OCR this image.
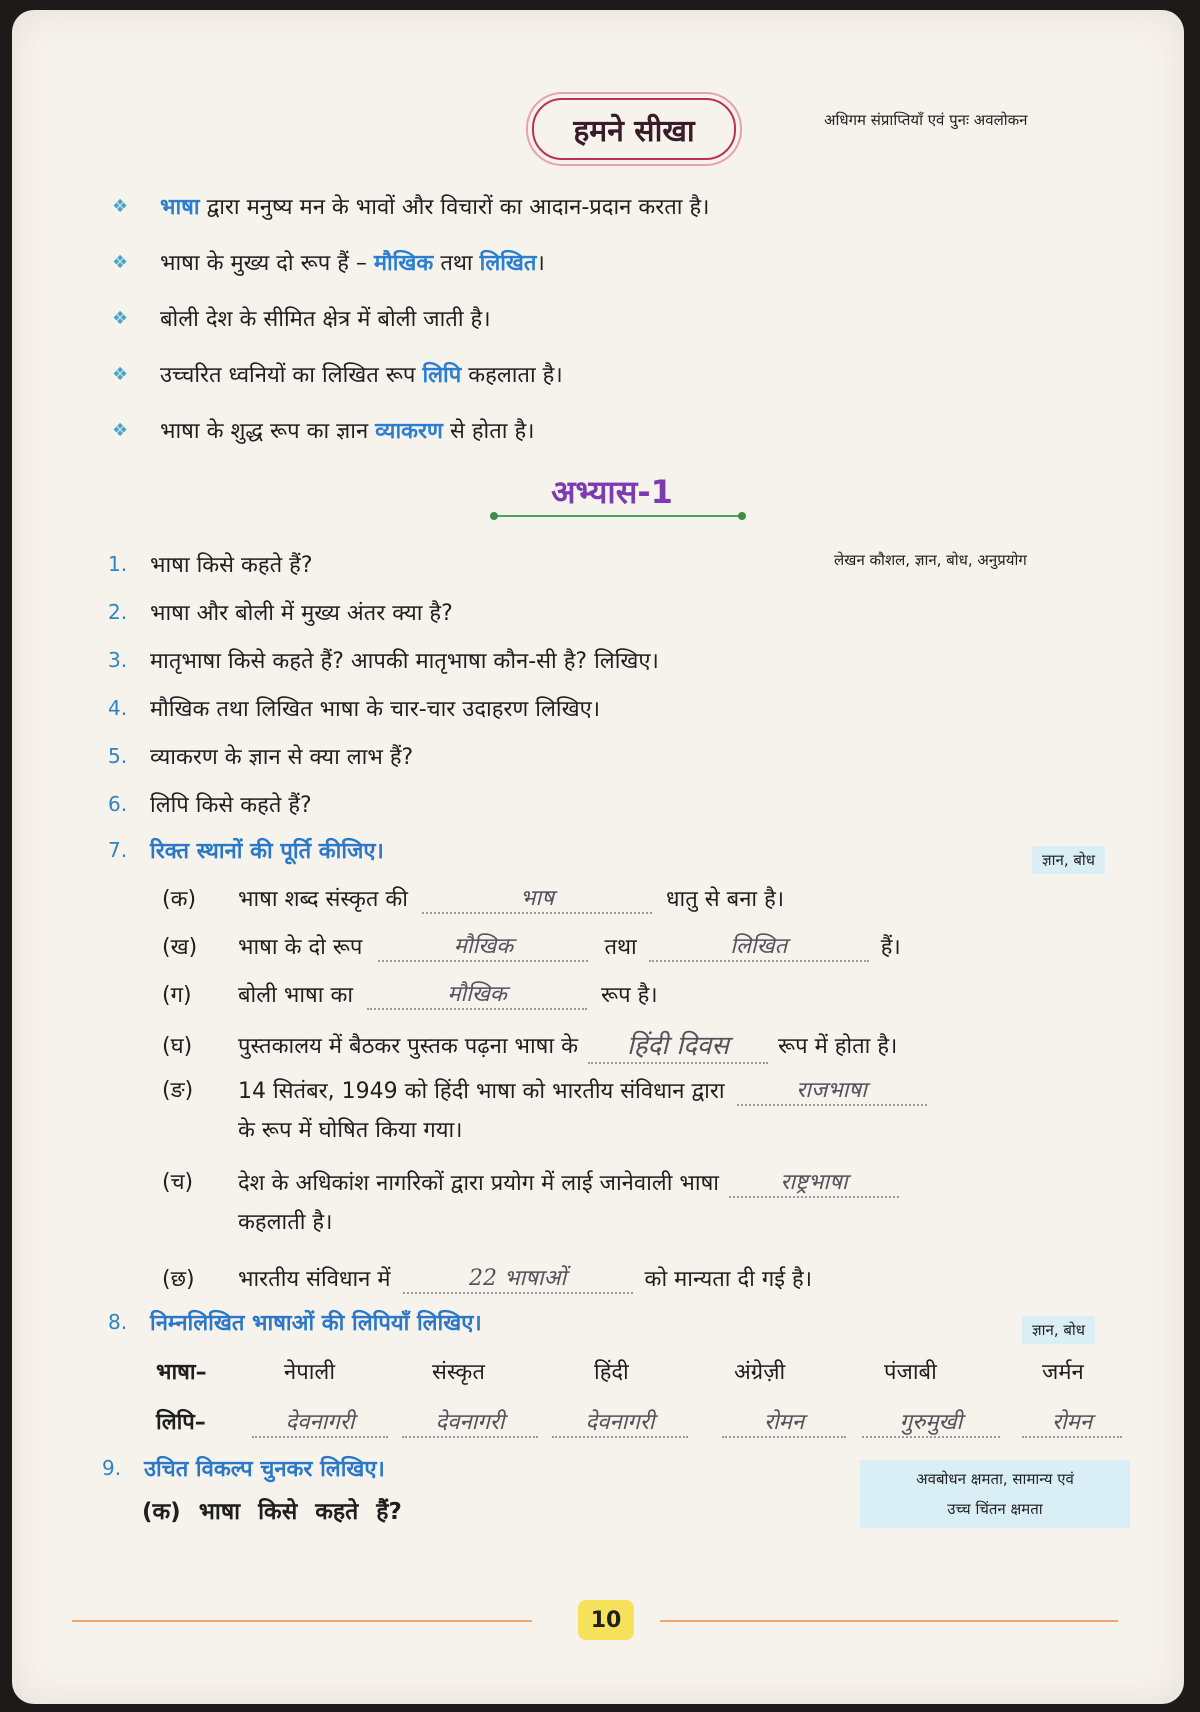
हमने सीखा	अधिगम संप्राप्तियाँ एवं पुनः अवलोकन
❖	भाषा द्वारा मनुष्य मन के भावों और विचारों का आदान-प्रदान करता है।
❖	भाषा के मुख्य दो रूप हैं – मौखिक तथा लिखित।
❖	बोली देश के सीमित क्षेत्र में बोली जाती है।
❖	उच्चरित ध्वनियों का लिखित रूप लिपि कहलाता है।
❖	भाषा के शुद्ध रूप का ज्ञान व्याकरण से होता है।
अभ्यास-1
1.	भाषा किसे कहते हैं?
2.	भाषा और बोली में मुख्य अंतर क्या है?
3.	मातृभाषा किसे कहते हैं? आपकी मातृभाषा कौन-सी है? लिखिए।
4.	मौखिक तथा लिखित भाषा के चार-चार उदाहरण लिखिए।
5.	व्याकरण के ज्ञान से क्या लाभ हैं?
6.	लिपि किसे कहते हैं?
लेखन कौशल, ज्ञान, बोध, अनुप्रयोग
7.	रिक्त स्थानों की पूर्ति कीजिए।	ज्ञान, बोध
(क)	भाषा शब्द संस्कृत की	भाष	धातु से बना है।
(ख)	भाषा के दो रूप	मौखिक	तथा	लिखित	हैं।
(ग)	बोली भाषा का	मौखिक	रूप है।
(घ)	पुस्तकालय में बैठकर पुस्तक पढ़ना भाषा के	हिंदी दिवस	रूप में होता है।
(ङ)	14 सितंबर, 1949 को हिंदी भाषा को भारतीय संविधान द्वारा	राजभाषा
के रूप में घोषित किया गया।
(च)	देश के अधिकांश नागरिकों द्वारा प्रयोग में लाई जानेवाली भाषा	राष्ट्रभाषा
कहलाती है।
(छ)	भारतीय संविधान में	22 भाषाओं	को मान्यता दी गई है।
8.	निम्नलिखित भाषाओं की लिपियाँ लिखिए।	ज्ञान, बोध
भाषा–	नेपाली	संस्कृत	हिंदी	अंग्रेज़ी	पंजाबी	जर्मन
लिपि–	देवनागरी	देवनागरी	देवनागरी	रोमन	गुरुमुखी	रोमन
9.	उचित विकल्प चुनकर लिखिए।	अवबोधन क्षमता, सामान्य एवं
उच्च चिंतन क्षमता
(क) भाषा किसे कहते हैं?
10
